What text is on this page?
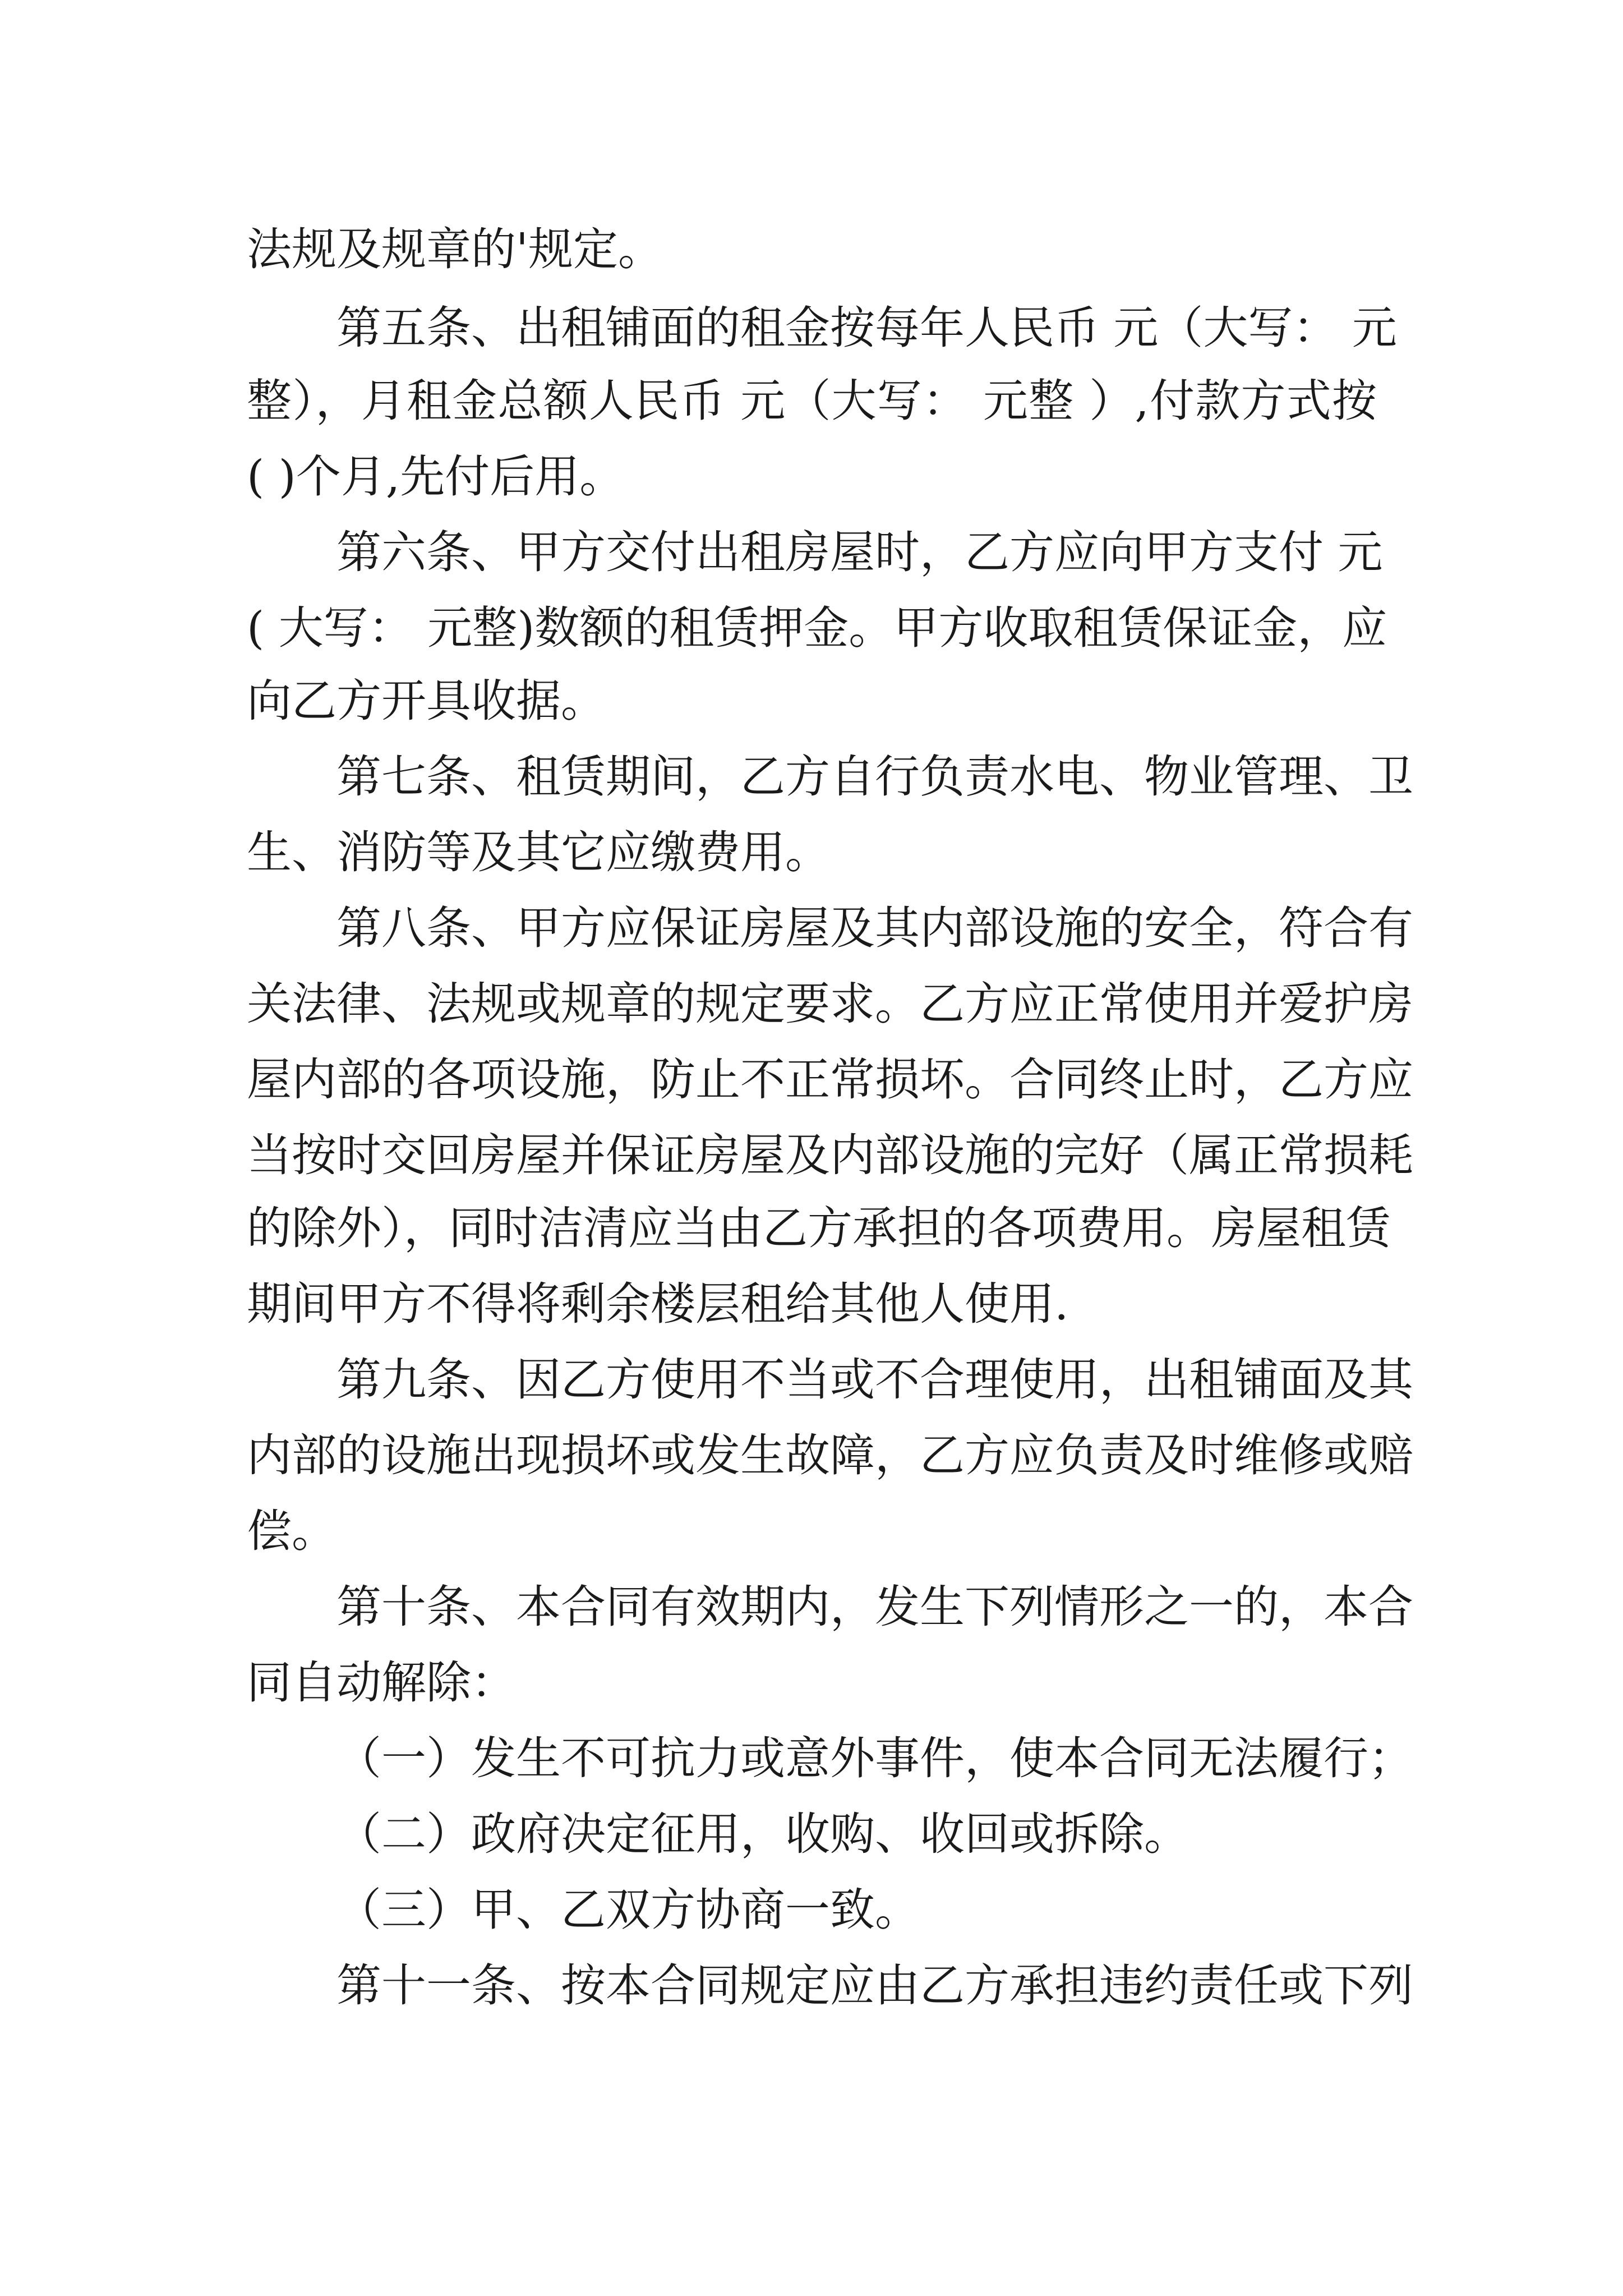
法规及规章的'规定。
第五条、出租铺面的租金按每年人民币 元（大写： 元
整），月租金总额人民币 元（大写： 元整 ）,付款方式按
( )个月,先付后用。
第六条、甲方交付出租房屋时，乙方应向甲方支付 元
( 大写： 元整)数额的租赁押金。甲方收取租赁保证金，应
向乙方开具收据。
第七条、租赁期间，乙方自行负责水电、物业管理、卫
生、消防等及其它应缴费用。
第八条、甲方应保证房屋及其内部设施的安全，符合有
关法律、法规或规章的规定要求。乙方应正常使用并爱护房
屋内部的各项设施，防止不正常损坏。合同终止时，乙方应
当按时交回房屋并保证房屋及内部设施的完好（属正常损耗
的除外），同时洁清应当由乙方承担的各项费用。房屋租赁
期间甲方不得将剩余楼层租给其他人使用.
第九条、因乙方使用不当或不合理使用，出租铺面及其
内部的设施出现损坏或发生故障，乙方应负责及时维修或赔
偿。
第十条、本合同有效期内，发生下列情形之一的，本合
同自动解除：
（一）发生不可抗力或意外事件，使本合同无法履行；
（二）政府决定征用，收购、收回或拆除。
（三）甲、乙双方协商一致。
第十一条、按本合同规定应由乙方承担违约责任或下列
